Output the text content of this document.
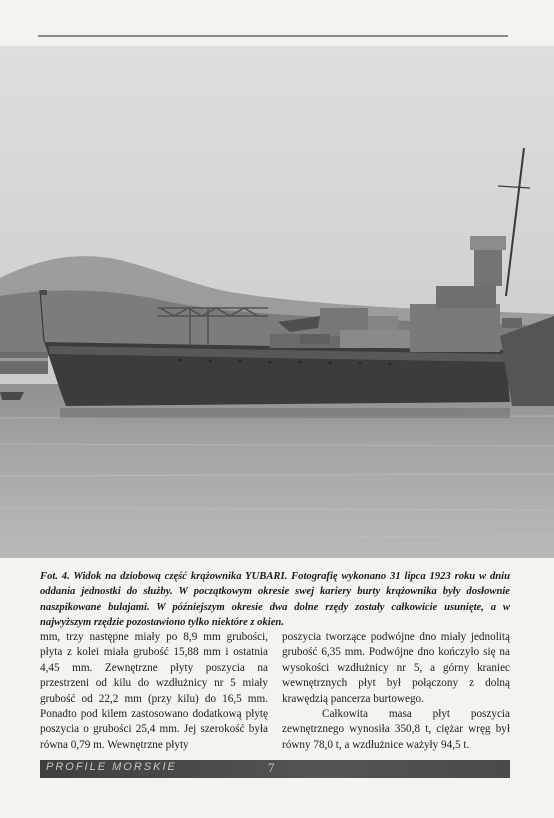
Fot. 4. Widok na dziobową część krążownika YUBARI. Fotografię wykonano 31 lipca 1923 roku w dniu oddania jednostki do służby. W początkowym okresie swej kariery burty krążownika były dosłownie naszpikowane bulajami. W późniejszym okresie dwa dolne rzędy zostały całkowicie usunięte, a w najwyższym rzędzie pozostawiono tylko niektóre z okien.

mm, trzy następne miały po 8,9 mm grubości, płyta z kolei miała grubość 15,88 mm i ostatnia 4,45 mm. Zewnętrzne płyty poszycia na przestrzeni od kilu do wzdłużnicy nr 5 miały grubość od 22,2 mm (przy kilu) do 16,5 mm. Ponadto pod kilem zastosowano dodatkową płytę poszycia o grubości 25,4 mm. Jej szerokość była równa 0,79 m. Wewnętrzne płyty

poszycia tworzące podwójne dno miały jednolitą grubość 6,35 mm. Podwójne dno kończyło się na wysokości wzdłużnicy nr 5, a górny kraniec wewnętrznych płyt był połączony z dolną krawędzią pancerza burtowego.
Całkowita masa płyt poszycia zewnętrznego wynosiła 350,8 t, ciężar wręg był równy 78,0 t, a wzdłużnice ważyły 94,5 t.
PROFILE MORSKIE	7
